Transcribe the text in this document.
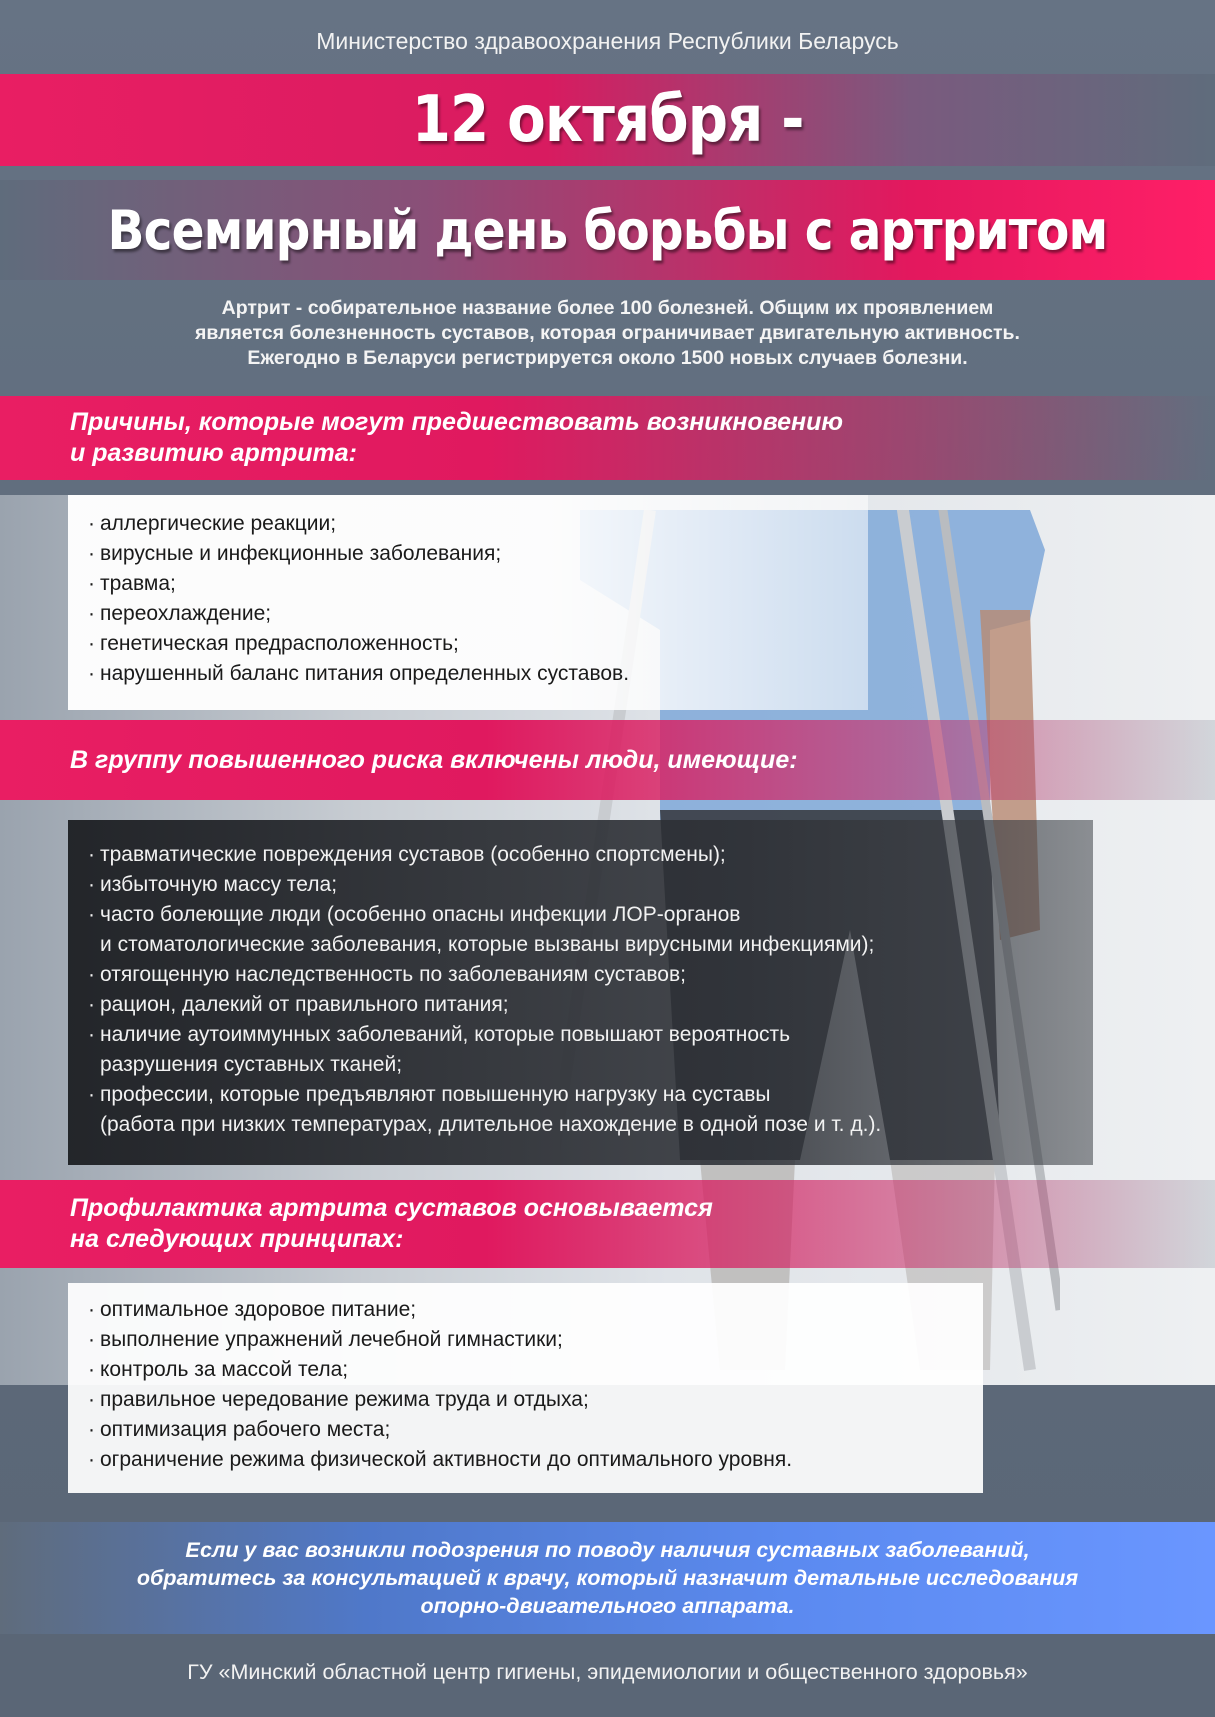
Министерство здравоохранения Республики Беларусь
12 октября -
Всемирный день борьбы с артритом
Артрит - собирательное название более 100 болезней. Общим их проявлением
является болезненность суставов, которая ограничивает двигательную активность.
Ежегодно в Беларуси регистрируется около 1500 новых случаев болезни.
Причины, которые могут предшествовать возникновению
и развитию артрита:
· аллергические реакции;
· вирусные и инфекционные заболевания;
· травма;
· переохлаждение;
· генетическая предрасположенность;
· нарушенный баланс питания определенных суставов.
В группу повышенного риска включены люди, имеющие:
· травматические повреждения суставов (особенно спортсмены);
· избыточную массу тела;
· часто болеющие люди (особенно опасны инфекции ЛОР-органов
и стоматологические заболевания, которые вызваны вирусными инфекциями);
· отягощенную наследственность по заболеваниям суставов;
· рацион, далекий от правильного питания;
· наличие аутоиммунных заболеваний, которые повышают вероятность
разрушения суставных тканей;
· профессии, которые предъявляют повышенную нагрузку на суставы
(работа при низких температурах, длительное нахождение в одной позе и т. д.).
Профилактика артрита суставов основывается
на следующих принципах:
· оптимальное здоровое питание;
· выполнение упражнений лечебной гимнастики;
· контроль за массой тела;
· правильное чередование режима труда и отдыха;
· оптимизация рабочего места;
· ограничение режима физической активности до оптимального уровня.
Если у вас возникли подозрения по поводу наличия суставных заболеваний,
обратитесь за консультацией к врачу, который назначит детальные исследования
опорно-двигательного аппарата.
ГУ «Минский областной центр гигиены, эпидемиологии и общественного здоровья»
